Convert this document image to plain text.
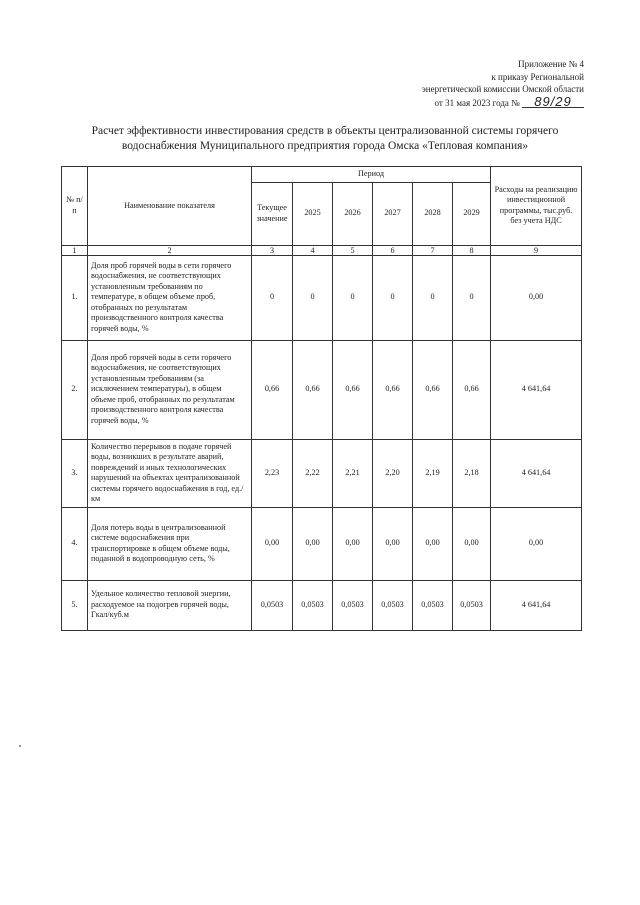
Приложение № 4
к приказу Региональной
энергетической комиссии Омской области
от 31 мая 2023 года № 89/29
Расчет эффективности инвестирования средств в объекты централизованной системы горячего
водоснабжения Муниципального предприятия города Омска «Тепловая компания»
№ п/п	Наименование показателя	Период						Расходы на реализацию инвестиционной программы, тыс.руб. без учета НДС
		Текущее значение	2025	2026	2027	2028	2029	
1	2	3	4	5	6	7	8	9
1.	Доля проб горячей воды в сети горячего водоснабжения, не соответствующих установленным требованиям по температуре, в общем объеме проб, отобранных по результатам производственного контроля качества горячей воды, %	0	0	0	0	0	0	0,00
2.	Доля проб горячей воды в сети горячего водоснабжения, не соответствующих установленным требованиям (за исключением температуры), в общем объеме проб, отобранных по результатам производственного контроля качества горячей воды, %	0,66	0,66	0,66	0,66	0,66	0,66	4 641,64
3.	Количество перерывов в подаче горячей воды, возникших в результате аварий, повреждений и иных технологических нарушений на объектах централизованной системы горячего водоснабжения в год, ед./км	2,23	2,22	2,21	2,20	2,19	2,18	4 641,64
4.	Доля потерь воды в централизованной системе водоснабжения при транспортировке в общем объеме воды, поданной в водопроводную сеть, %	0,00	0,00	0,00	0,00	0,00	0,00	0,00
5.	Удельное количество тепловой энергии, расходуемое на подогрев горячей воды, Гкал/куб.м	0,0503	0,0503	0,0503	0,0503	0,0503	0,0503	4 641,64
